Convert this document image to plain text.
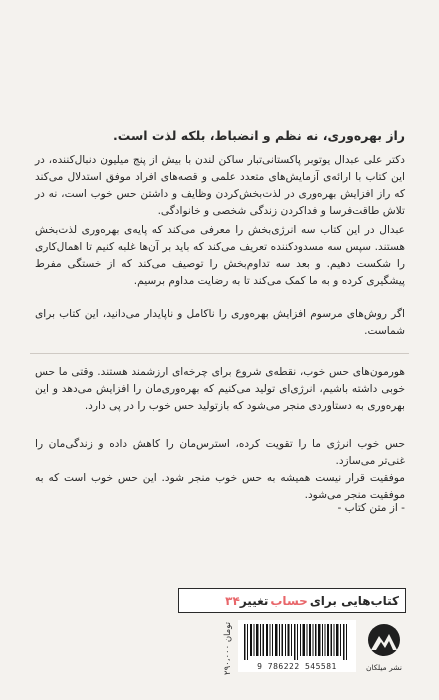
راز بهره‌وری، نه نظم و انضباط، بلکه لذت است.
دکتر علی عبدال یوتوبر پاکستانی‌تبار ساکن لندن با بیش از پنج میلیون دنبال‌کننده، در این کتاب با ارائه‌ی آزمایش‌های متعدد علمی و قصه‌های افراد موفق استدلال می‌کند که راز افزایش بهره‌وری در لذت‌بخش‌کردن وظایف و داشتن حس خوب است، نه در تلاش طاقت‌فرسا و فداکردن زندگی شخصی و خانوادگی.
عبدال در این کتاب سه انرژی‌بخش را معرفی می‌کند که پایه‌ی بهره‌وری لذت‌بخش هستند. سپس سه مسدودکننده تعریف می‌کند که باید بر آن‌ها غلبه کنیم تا اهمال‌کاری را شکست دهیم. و بعد سه تداوم‌بخش را توصیف می‌کند که از خستگی مفرط پیشگیری کرده و به ما کمک می‌کند تا به رضایت مداوم برسیم.
اگر روش‌های مرسوم افزایش بهره‌وری را ناکامل و ناپایدار می‌دانید، این کتاب برای شماست.
هورمون‌های حس خوب، نقطه‌ی شروع برای چرخه‌ای ارزشمند هستند. وقتی ما حس خوبی داشته باشیم، انرژی‌ای تولید می‌کنیم که بهره‌وری‌مان را افزایش می‌دهد و این بهره‌وری به دستاوردی منجر می‌شود که بازتولید حس خوب را در پی دارد.
حس خوب انرژی ما را تقویت کرده، استرس‌مان را کاهش داده و زندگی‌مان را غنی‌تر می‌سازد.
موفقیت قرار نیست همیشه به حس خوب منجر شود. این حس خوب است که به موفقیت منجر می‌شود.
- از متن کتاب -
کتاب‌هایی برای
حساب
تغییر
۳۴
۲۹۰،۰۰۰ تومان
9 786222 545581	نشر میلکان
